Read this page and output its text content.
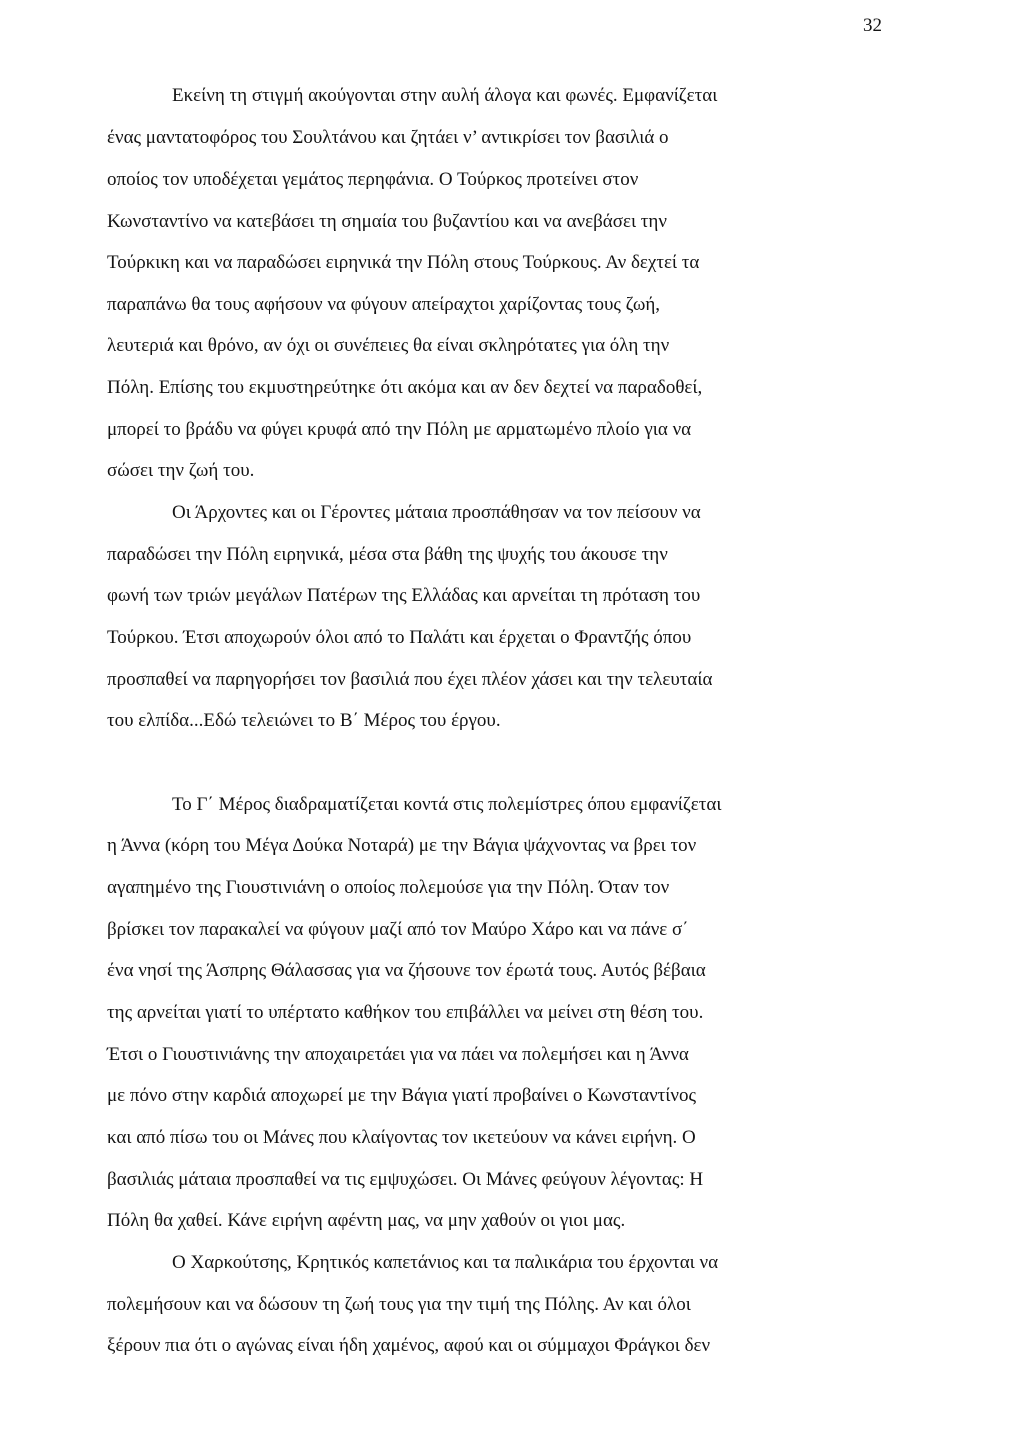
32
Εκείνη τη στιγμή ακούγονται στην αυλή άλογα και φωνές. Εμφανίζεται
ένας μαντατοφόρος του Σουλτάνου και ζητάει ν’ αντικρίσει τον βασιλιά ο
οποίος τον υποδέχεται γεμάτος περηφάνια. Ο Τούρκος προτείνει στον
Κωνσταντίνο να κατεβάσει τη σημαία του βυζαντίου και να ανεβάσει την
Τούρκικη και να παραδώσει ειρηνικά την Πόλη στους Τούρκους. Αν δεχτεί τα
παραπάνω θα τους αφήσουν να φύγουν απείραχτοι χαρίζοντας τους ζωή,
λευτεριά και θρόνο, αν όχι οι συνέπειες θα είναι σκληρότατες για όλη την
Πόλη. Επίσης του εκμυστηρεύτηκε ότι ακόμα και αν δεν δεχτεί να παραδοθεί,
μπορεί το βράδυ να φύγει κρυφά από την Πόλη με αρματωμένο πλοίο για να
σώσει την ζωή του.
Οι Άρχοντες και οι Γέροντες μάταια προσπάθησαν να τον πείσουν να
παραδώσει την Πόλη ειρηνικά, μέσα στα βάθη της ψυχής του άκουσε την
φωνή των τριών μεγάλων Πατέρων της Ελλάδας και αρνείται τη πρόταση του
Τούρκου. Έτσι αποχωρούν όλοι από το Παλάτι και έρχεται ο Φραντζής όπου
προσπαθεί να παρηγορήσει τον βασιλιά που έχει πλέον χάσει και την τελευταία
του ελπίδα...Εδώ τελειώνει το Β΄ Μέρος του έργου.
Το Γ΄ Μέρος διαδραματίζεται κοντά στις πολεμίστρες όπου εμφανίζεται
η Άννα (κόρη του Μέγα Δούκα Νοταρά) με την Βάγια ψάχνοντας να βρει τον
αγαπημένο της Γιουστινιάνη ο οποίος πολεμούσε για την Πόλη. Όταν τον
βρίσκει τον παρακαλεί να φύγουν μαζί από τον Μαύρο Χάρο και να πάνε σ΄
ένα νησί της Άσπρης Θάλασσας για να ζήσουνε τον έρωτά τους. Αυτός βέβαια
της αρνείται γιατί το υπέρτατο καθήκον του επιβάλλει να μείνει στη θέση του.
Έτσι ο Γιουστινιάνης την αποχαιρετάει για να πάει να πολεμήσει και η Άννα
με πόνο στην καρδιά αποχωρεί με την Βάγια γιατί προβαίνει ο Κωνσταντίνος
και από πίσω του οι Μάνες που κλαίγοντας τον ικετεύουν να κάνει ειρήνη. Ο
βασιλιάς μάταια προσπαθεί να τις εμψυχώσει. Οι Μάνες φεύγουν λέγοντας: Η
Πόλη θα χαθεί. Κάνε ειρήνη αφέντη μας, να μην χαθούν οι γιοι μας.
Ο Χαρκούτσης, Κρητικός καπετάνιος και τα παλικάρια του έρχονται να
πολεμήσουν και να δώσουν τη ζωή τους για την τιμή της Πόλης. Αν και όλοι
ξέρουν πια ότι ο αγώνας είναι ήδη χαμένος, αφού και οι σύμμαχοι Φράγκοι δεν
